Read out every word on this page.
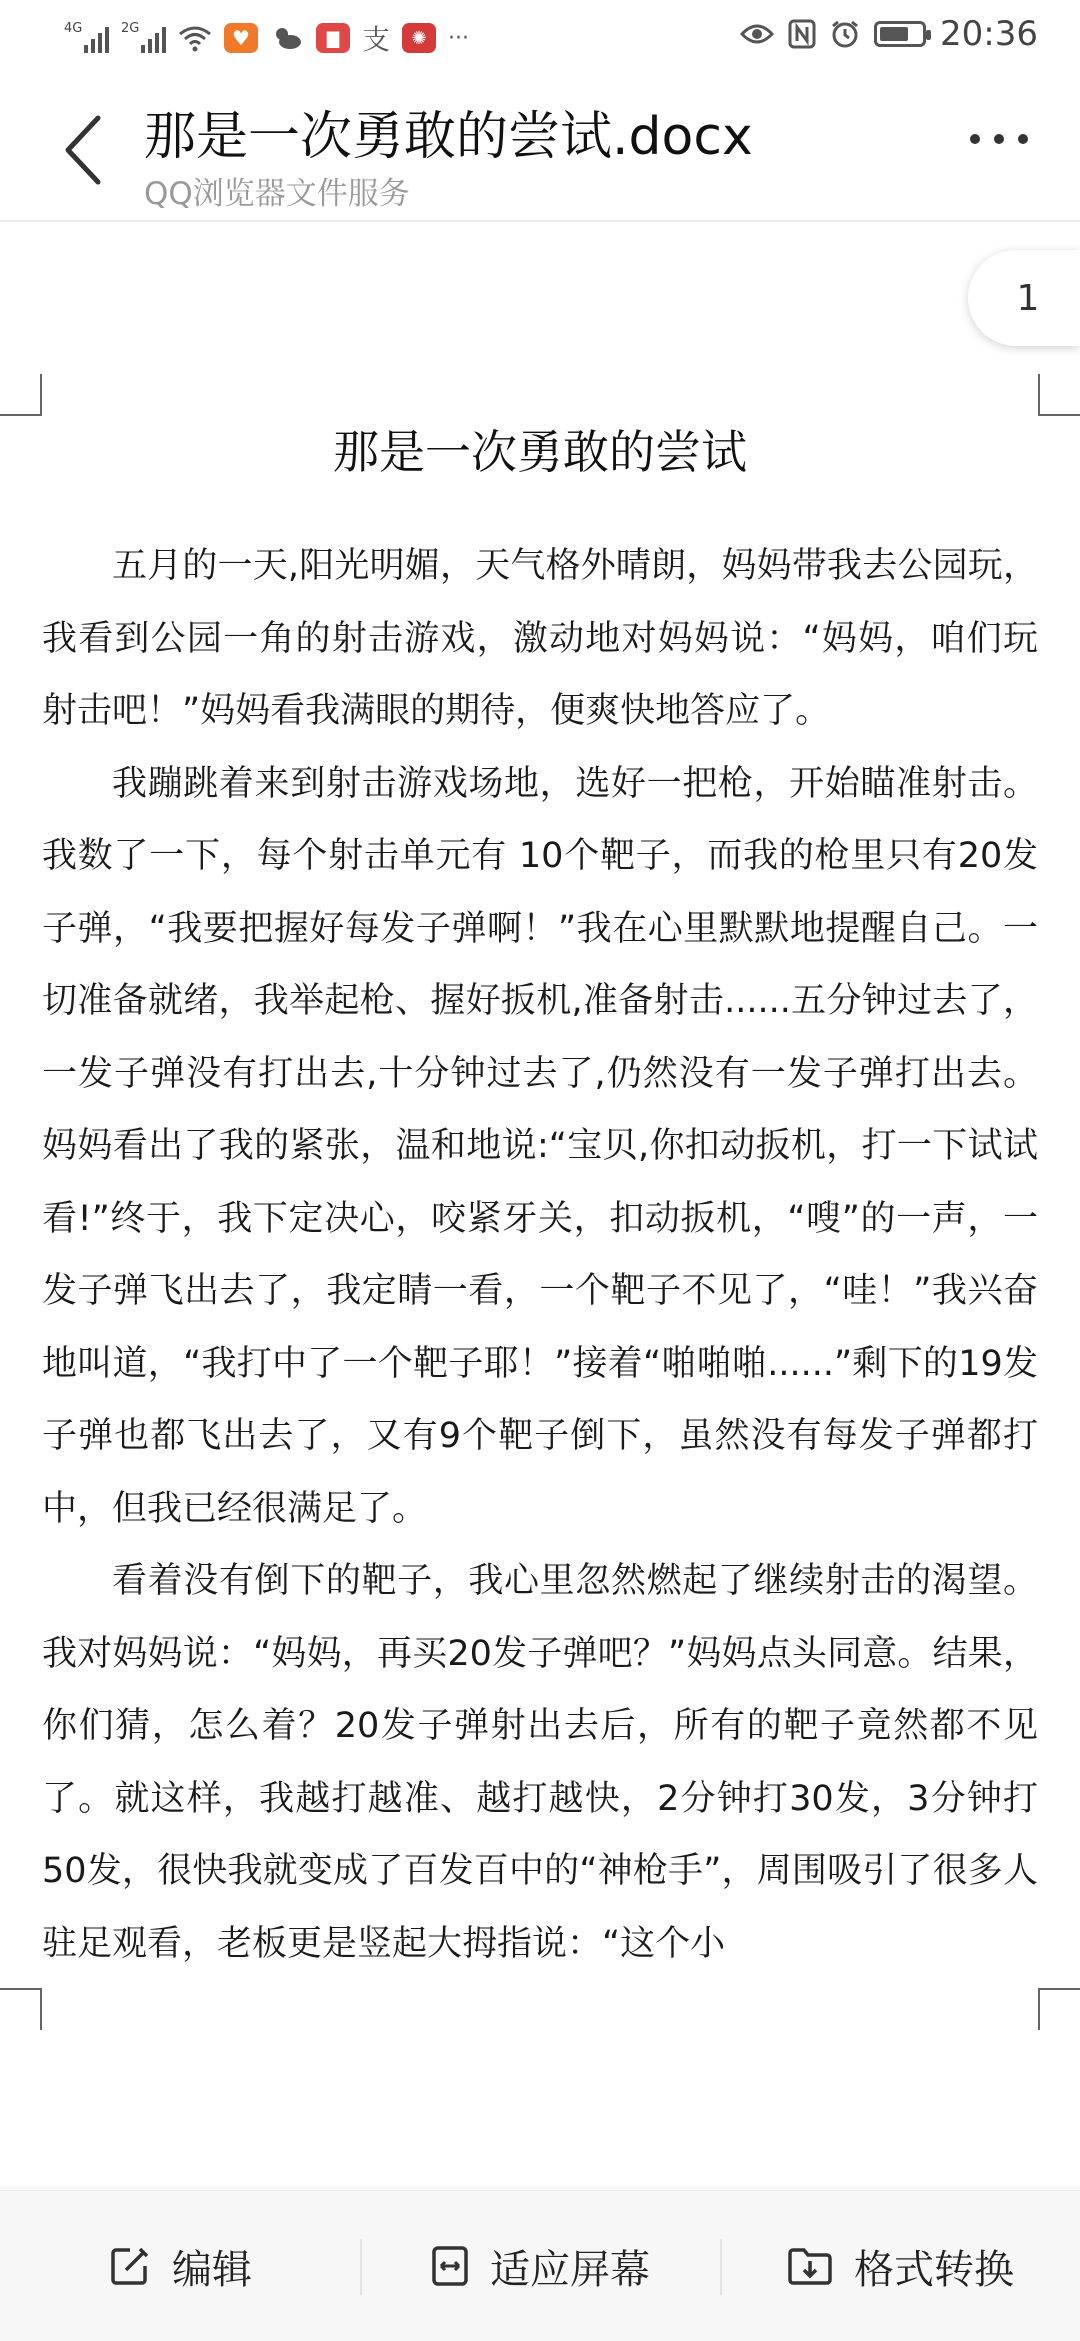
4G	2G	♥	▇ 支	✺ ···	20:36
那是一次勇敢的尝试.docx
QQ浏览器文件服务
1
那是一次勇敢的尝试

五月的一天,阳光明媚，天气格外晴朗，妈妈带我去公园玩，我看到公园一角的射击游戏，激动地对妈妈说：“妈妈，咱们玩射击吧！”妈妈看我满眼的期待，便爽快地答应了。

我蹦跳着来到射击游戏场地，选好一把枪，开始瞄准射击。我数了一下，每个射击单元有 10个靶子，而我的枪里只有20发子弹，“我要把握好每发子弹啊！”我在心里默默地提醒自己。一切准备就绪，我举起枪、握好扳机,准备射击......五分钟过去了，一发子弹没有打出去,十分钟过去了,仍然没有一发子弹打出去。妈妈看出了我的紧张，温和地说:“宝贝,你扣动扳机，打一下试试看!”终于，我下定决心，咬紧牙关，扣动扳机，“嗖”的一声，一发子弹飞出去了，我定睛一看，一个靶子不见了，“哇！”我兴奋地叫道，“我打中了一个靶子耶！”接着“啪啪啪......”剩下的19发子弹也都飞出去了，又有9个靶子倒下，虽然没有每发子弹都打中，但我已经很满足了。

看着没有倒下的靶子，我心里忽然燃起了继续射击的渴望。我对妈妈说：“妈妈，再买20发子弹吧？”妈妈点头同意。结果，你们猜，怎么着？20发子弹射出去后，所有的靶子竟然都不见了。就这样，我越打越准、越打越快，2分钟打30发，3分钟打50发，很快我就变成了百发百中的“神枪手”，周围吸引了很多人驻足观看，老板更是竖起大拇指说：“这个小

编辑	适应屏幕	格式转换
